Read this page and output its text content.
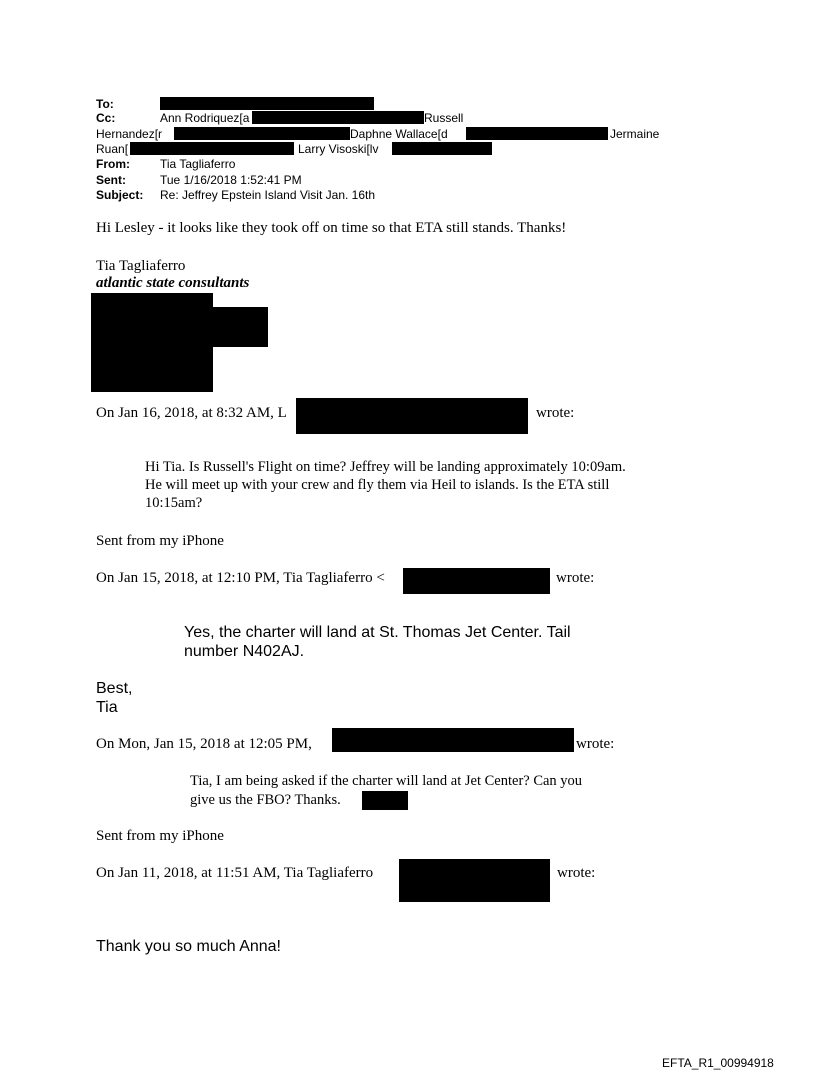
To:
Cc:	Ann Rodriquez[a	Russell
Hernandez[r	Daphne Wallace[d	Jermaine
Ruan[	Larry Visoski[lv
From:	Tia Tagliaferro
Sent:	Tue 1/16/2018 1:52:41 PM
Subject: Re: Jeffrey Epstein Island Visit Jan. 16th
Hi Lesley - it looks like they took off on time so that ETA still stands. Thanks!
Tia Tagliaferro
atlantic state consultants
On Jan 16, 2018, at 8:32 AM, L	wrote:
Hi Tia. Is Russell's Flight on time? Jeffrey will be landing approximately 10:09am.
He will meet up with your crew and fly them via Heil to islands. Is the ETA still
10:15am?
Sent from my iPhone
On Jan 15, 2018, at 12:10 PM, Tia Tagliaferro <	wrote:
Yes, the charter will land at St. Thomas Jet Center. Tail
number N402AJ.
Best,
Tia
On Mon, Jan 15, 2018 at 12:05 PM,	wrote:
Tia, I am being asked if the charter will land at Jet Center? Can you
give us the FBO? Thanks.
Sent from my iPhone
On Jan 11, 2018, at 11:51 AM, Tia Tagliaferro	wrote:
Thank you so much Anna!
EFTA_R1_00994918
